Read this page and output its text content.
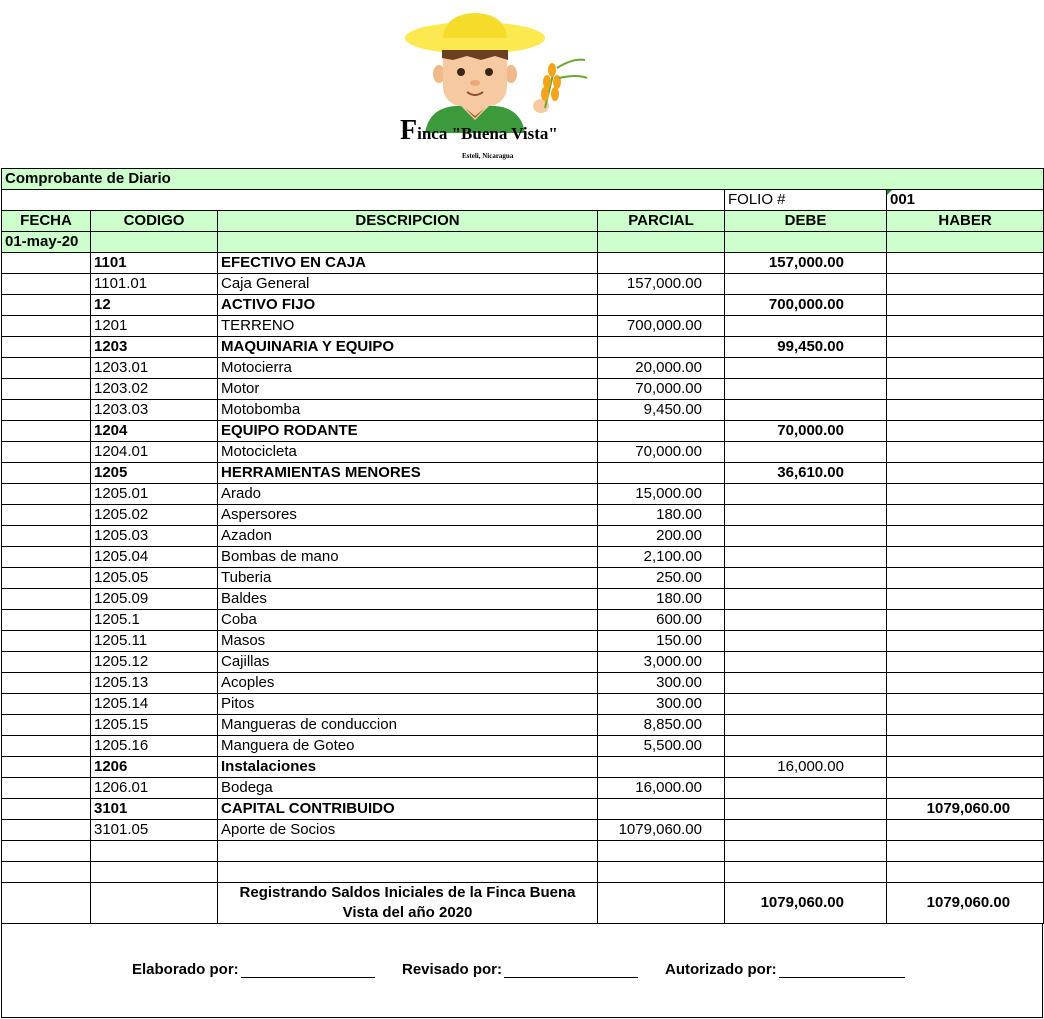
Finca "Buena Vista"
Esteli, Nicaragua
Comprobante de Diario					
				FOLIO #	001
FECHA	CODIGO	DESCRIPCION	PARCIAL	DEBE	HABER
01-may-20					
	1101	EFECTIVO EN CAJA		157,000.00	
	1101.01	Caja General	157,000.00		
	12	ACTIVO FIJO		700,000.00	
	1201	TERRENO	700,000.00		
	1203	MAQUINARIA Y EQUIPO		99,450.00	
	1203.01	Motocierra	20,000.00		
	1203.02	Motor	70,000.00		
	1203.03	Motobomba	9,450.00		
	1204	EQUIPO RODANTE		70,000.00	
	1204.01	Motocicleta	70,000.00		
	1205	HERRAMIENTAS MENORES		36,610.00	
	1205.01	Arado	15,000.00		
	1205.02	Aspersores	180.00		
	1205.03	Azadon	200.00		
	1205.04	Bombas de mano	2,100.00		
	1205.05	Tuberia	250.00		
	1205.09	Baldes	180.00		
	1205.1	Coba	600.00		
	1205.11	Masos	150.00		
	1205.12	Cajillas	3,000.00		
	1205.13	Acoples	300.00		
	1205.14	Pitos	300.00		
	1205.15	Mangueras de conduccion	8,850.00		
	1205.16	Manguera de Goteo	5,500.00		
	1206	Instalaciones		16,000.00	
	1206.01	Bodega	16,000.00		
	3101	CAPITAL CONTRIBUIDO			1079,060.00
	3101.05	Aporte de Socios	1079,060.00		

		Registrando Saldos Iniciales de la Finca Buena Vista del año 2020		1079,060.00	1079,060.00
Elaborado por:	Revisado por:	Autorizado por:
